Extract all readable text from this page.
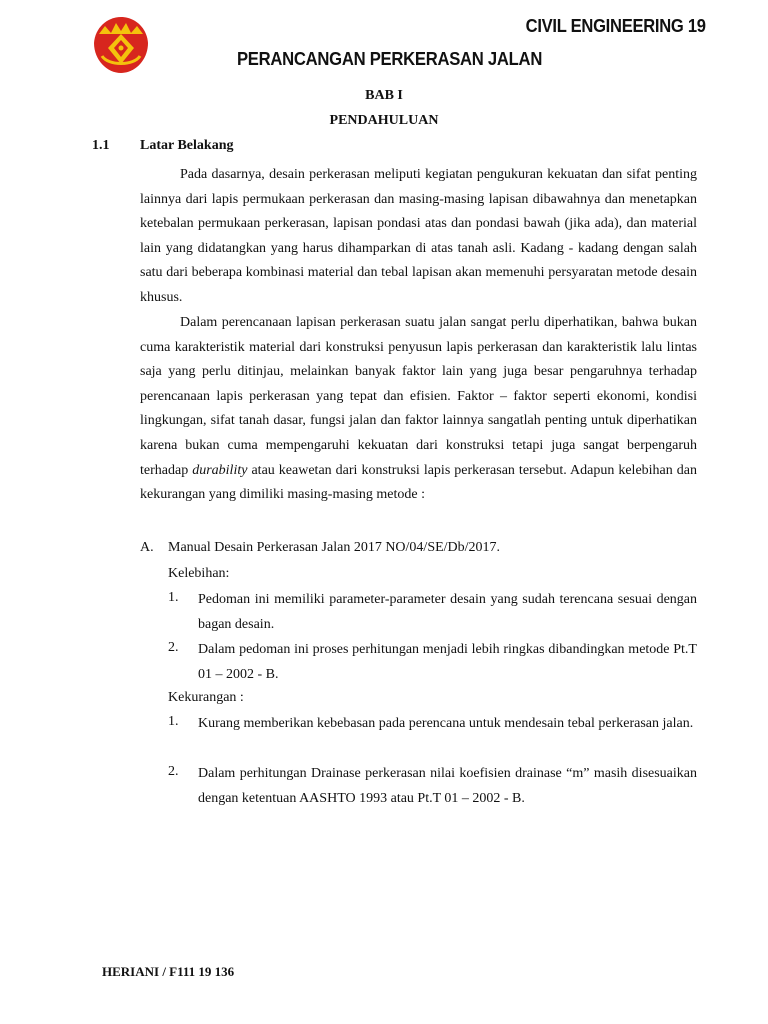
CIVIL ENGINEERING 19
PERANCANGAN PERKERASAN JALAN
BAB I
PENDAHULUAN
1.1 Latar Belakang

Pada dasarnya, desain perkerasan meliputi kegiatan pengukuran kekuatan dan sifat penting lainnya dari lapis permukaan perkerasan dan masing-masing lapisan dibawahnya dan menetapkan ketebalan permukaan perkerasan, lapisan pondasi atas dan pondasi bawah (jika ada), dan material lain yang didatangkan yang harus dihamparkan di atas tanah asli. Kadang - kadang dengan salah satu dari beberapa kombinasi material dan tebal lapisan akan memenuhi persyaratan metode desain khusus.

Dalam perencanaan lapisan perkerasan suatu jalan sangat perlu diperhatikan, bahwa bukan cuma karakteristik material dari konstruksi penyusun lapis perkerasan dan karakteristik lalu lintas saja yang perlu ditinjau, melainkan banyak faktor lain yang juga besar pengaruhnya terhadap perencanaan lapis perkerasan yang tepat dan efisien. Faktor – faktor seperti ekonomi, kondisi lingkungan, sifat tanah dasar, fungsi jalan dan faktor lainnya sangatlah penting untuk diperhatikan karena bukan cuma mempengaruhi kekuatan dari konstruksi tetapi juga sangat berpengaruh terhadap durability atau keawetan dari konstruksi lapis perkerasan tersebut. Adapun kelebihan dan kekurangan yang dimiliki masing-masing metode :

A. Manual Desain Perkerasan Jalan 2017 NO/04/SE/Db/2017.
Kelebihan:
1. Pedoman ini memiliki parameter-parameter desain yang sudah terencana sesuai dengan bagan desain.

2. Dalam pedoman ini proses perhitungan menjadi lebih ringkas dibandingkan metode Pt.T 01 – 2002 - B.

Kekurangan :
1. Kurang memberikan kebebasan pada perencana untuk mendesain tebal perkerasan jalan.

2. Dalam perhitungan Drainase perkerasan nilai koefisien drainase “m” masih disesuaikan dengan ketentuan AASHTO 1993 atau Pt.T 01 – 2002 - B.

HERIANI / F111 19 136
